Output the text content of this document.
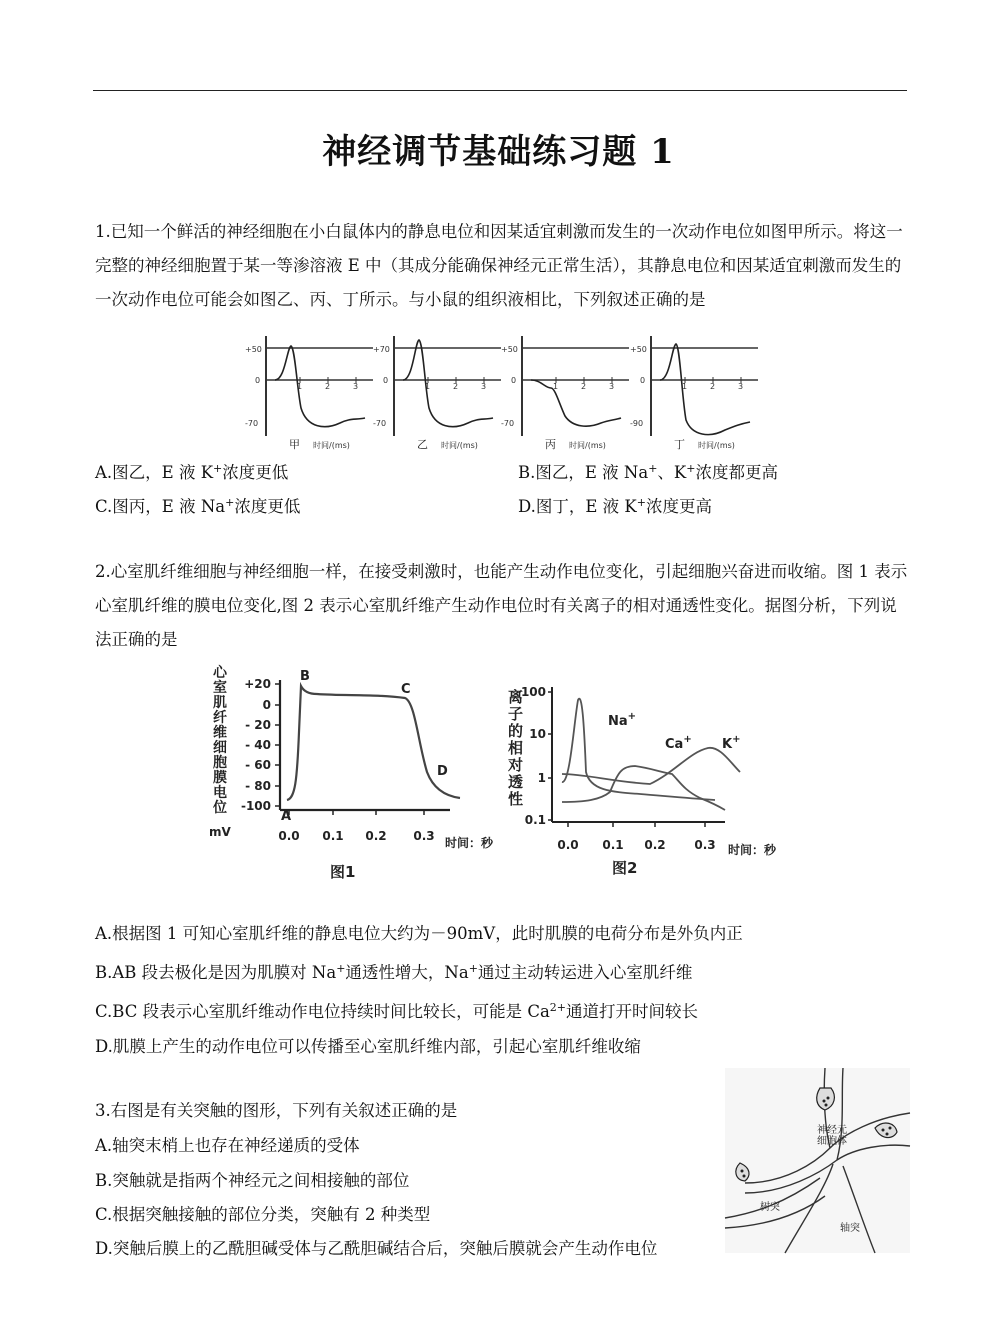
神经调节基础练习题 1

1.已知一个鲜活的神经细胞在小白鼠体内的静息电位和因某适宜刺激而发生的一次动作电位如图甲所示。将这一完整的神经细胞置于某一等渗溶液 E 中（其成分能确保神经元正常生活），其静息电位和因某适宜刺激而发生的一次动作电位可能会如图乙、丙、丁所示。与小鼠的组织液相比，下列叙述正确的是

1	2	3
+50
0
-70
甲 时间/(ms)
1	2	3
+70
0
-70
乙 时间/(ms)
1	2	3
+50
0
-70
丙 时间/(ms)
1	2	3
+50
0
-90
丁 时间/(ms)
A.图乙，E 液 K+浓度更低	B.图乙，E 液 Na+、K+浓度都更高
C.图丙，E 液 Na+浓度更低	D.图丁，E 液 K+浓度更高

2.心室肌纤维细胞与神经细胞一样，在接受刺激时，也能产生动作电位变化，引起细胞兴奋进而收缩。图 1 表示心室肌纤维的膜电位变化,图 2 表示心室肌纤维产生动作电位时有关离子的相对通透性变化。据图分析，下列说法正确的是

心
室
肌
纤
维
细
胞
膜
电
位
mV
+20
0
- 20
- 40
- 60
- 80
-100
0.0 0.1 0.2 0.3 时间：秒
A
B
C
D
图1
离
子
的
相
对
透
性
100
10
1
0.1
0.0 0.1 0.2 0.3 时间：秒
Na+
Ca+ K+
图2
A.根据图 1 可知心室肌纤维的静息电位大约为－90mV，此时肌膜的电荷分布是外负内正
B.AB 段去极化是因为肌膜对 Na+通透性增大，Na+通过主动转运进入心室肌纤维
C.BC 段表示心室肌纤维动作电位持续时间比较长，可能是 $Ca^{2+}$通道打开时间较长
D.肌膜上产生的动作电位可以传播至心室肌纤维内部，引起心室肌纤维收缩
3.右图是有关突触的图形，下列有关叙述正确的是
A.轴突末梢上也存在神经递质的受体
B.突触就是指两个神经元之间相接触的部位
C.根据突触接触的部位分类，突触有 2 种类型
D.突触后膜上的乙酰胆碱受体与乙酰胆碱结合后，突触后膜就会产生动作电位
神经元细胞体
树突
轴突
